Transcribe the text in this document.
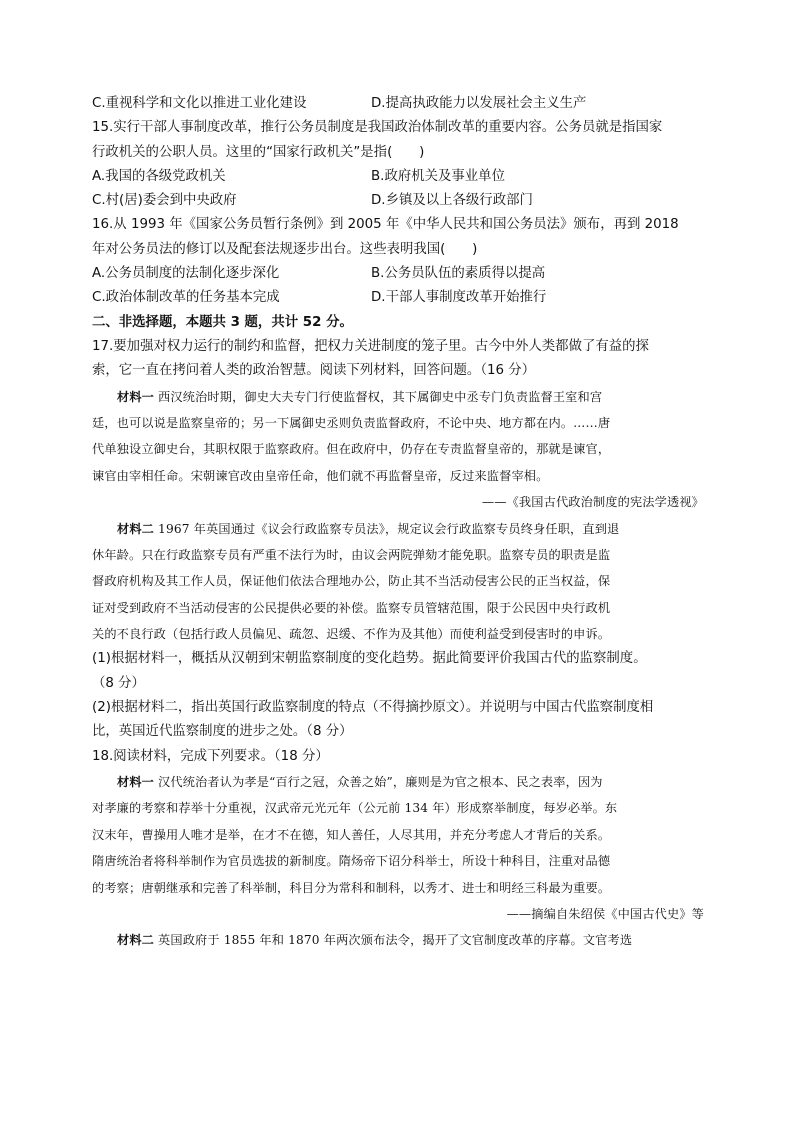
C.重视科学和文化以推进工业化建设	D.提高执政能力以发展社会主义生产
15.实行干部人事制度改革，推行公务员制度是我国政治体制改革的重要内容。公务员就是指国家
行政机关的公职人员。这里的“国家行政机关”是指(　　)
A.我国的各级党政机关	B.政府机关及事业单位
C.村(居)委会到中央政府	D.乡镇及以上各级行政部门
16.从 1993 年《国家公务员暂行条例》到 2005 年《中华人民共和国公务员法》颁布，再到 2018
年对公务员法的修订以及配套法规逐步出台。这些表明我国(　　)
A.公务员制度的法制化逐步深化	B.公务员队伍的素质得以提高
C.政治体制改革的任务基本完成	D.干部人事制度改革开始推行
二、非选择题，本题共 3 题，共计 52 分。
17.要加强对权力运行的制约和监督，把权力关进制度的笼子里。古今中外人类都做了有益的探
索，它一直在拷问着人类的政治智慧。阅读下列材料，回答问题。（16 分）
材料一 西汉统治时期，御史大夫专门行使监督权，其下属御史中丞专门负责监督王室和宫
廷，也可以说是监察皇帝的；另一下属御史丞则负责监督政府，不论中央、地方都在内。……唐
代单独设立御史台，其职权限于监察政府。但在政府中，仍存在专责监督皇帝的，那就是谏官，
谏官由宰相任命。宋朝谏官改由皇帝任命，他们就不再监督皇帝，反过来监督宰相。
——《我国古代政治制度的宪法学透视》
材料二 1967 年英国通过《议会行政监察专员法》，规定议会行政监察专员终身任职，直到退
休年龄。只在行政监察专员有严重不法行为时，由议会两院弹劾才能免职。监察专员的职责是监
督政府机构及其工作人员，保证他们依法合理地办公，防止其不当活动侵害公民的正当权益，保
证对受到政府不当活动侵害的公民提供必要的补偿。监察专员管辖范围，限于公民因中央行政机
关的不良行政（包括行政人员偏见、疏忽、迟缓、不作为及其他）而使利益受到侵害时的申诉。
(1)根据材料一，概括从汉朝到宋朝监察制度的变化趋势。据此简要评价我国古代的监察制度。
（8 分）
(2)根据材料二，指出英国行政监察制度的特点（不得摘抄原文）。并说明与中国古代监察制度相
比，英国近代监察制度的进步之处。（8 分）
18.阅读材料，完成下列要求。（18 分）
材料一 汉代统治者认为孝是“百行之冠，众善之始”，廉则是为官之根本、民之表率，因为
对孝廉的考察和荐举十分重视，汉武帝元光元年（公元前 134 年）形成察举制度，每岁必举。东
汉末年，曹操用人唯才是举，在才不在德，知人善任，人尽其用，并充分考虑人才背后的关系。
隋唐统治者将科举制作为官员选拔的新制度。隋炀帝下诏分科举士，所设十种科目，注重对品德
的考察；唐朝继承和完善了科举制，科目分为常科和制科，以秀才、进士和明经三科最为重要。
——摘编自朱绍侯《中国古代史》等
材料二 英国政府于 1855 年和 1870 年两次颁布法令，揭开了文官制度改革的序幕。文官考选
